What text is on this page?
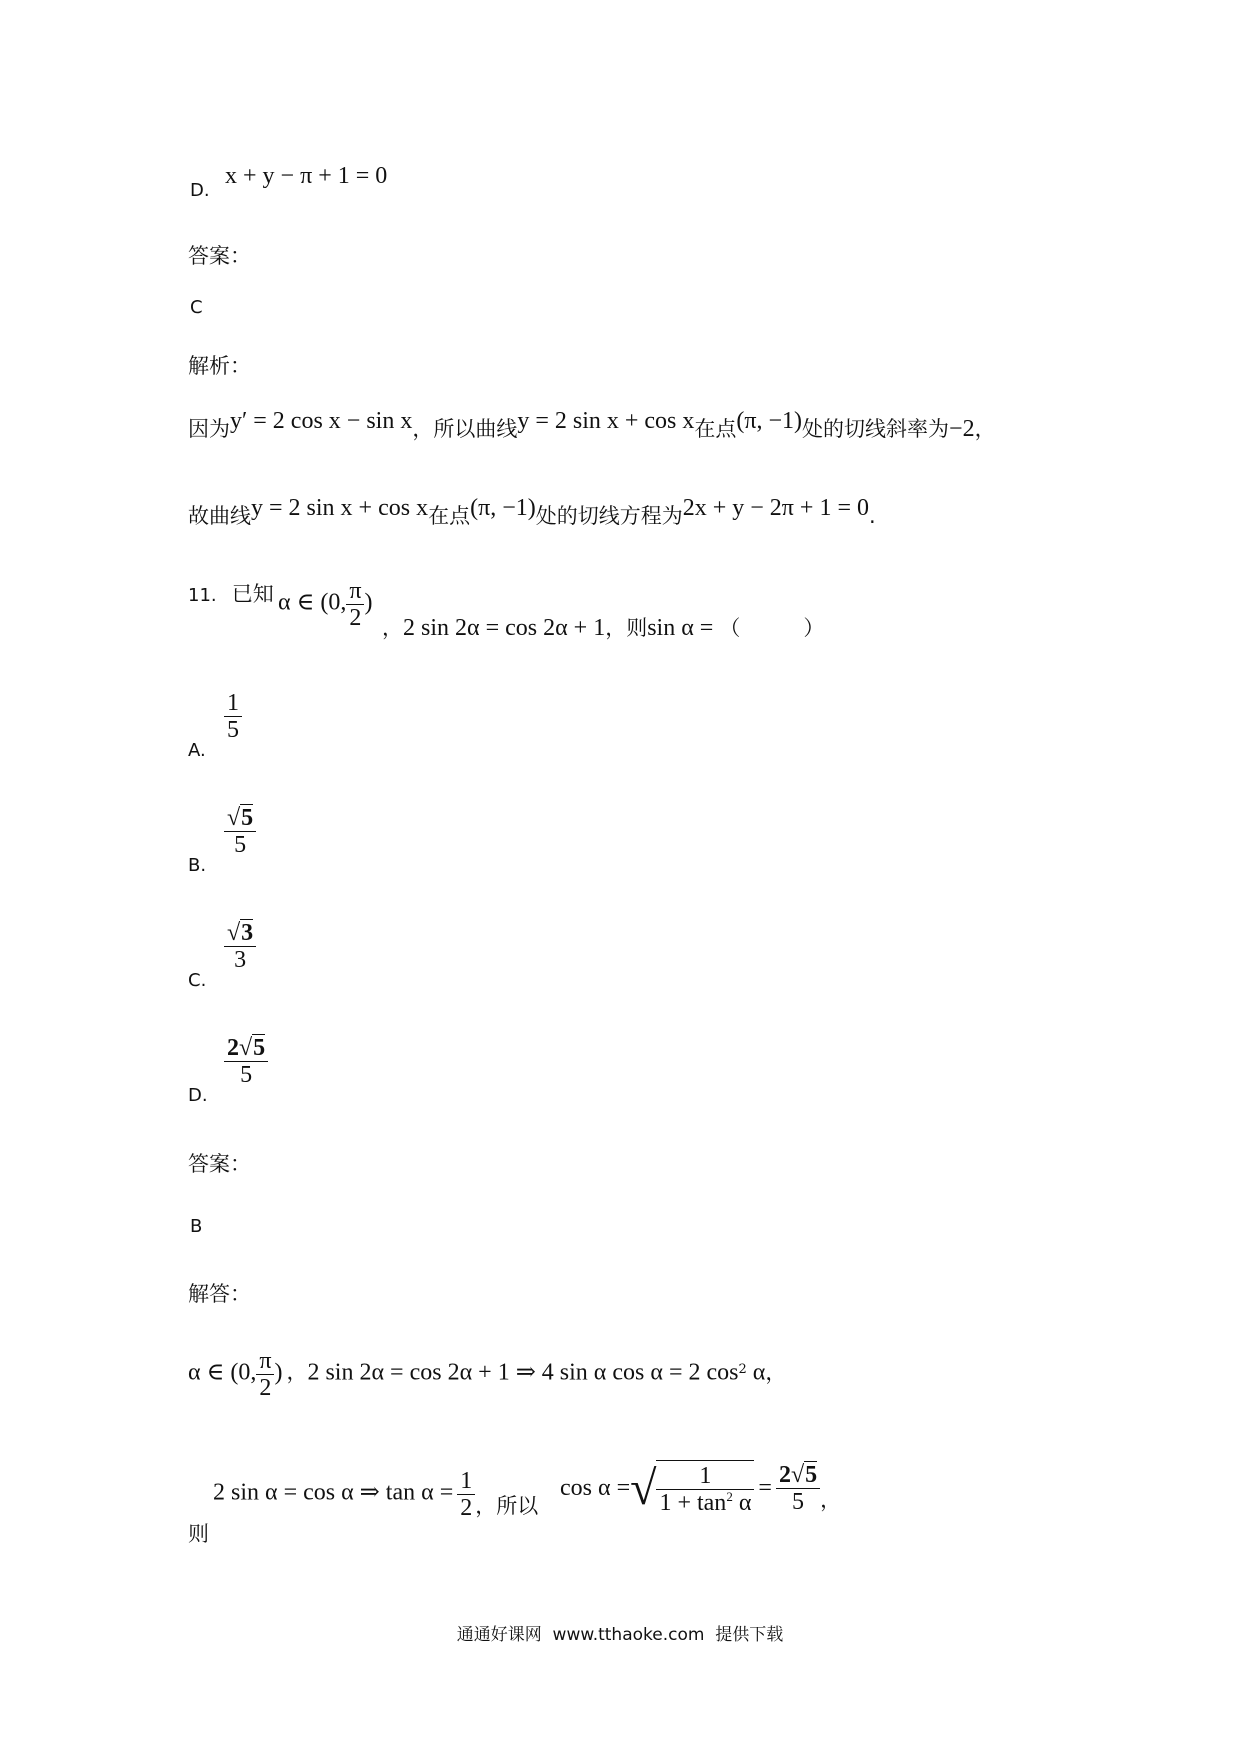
D.
x + y − π + 1 = 0
答案：
C
解析：
因为y′ = 2 cos x − sin x，所以曲线y = 2 sin x + cos x在点(π, −1)处的切线斜率为−2，
故曲线y = 2 sin x + cos x在点(π, −1)处的切线方程为2x + y − 2π + 1 = 0.
11. 已知 α ∈ (0, $\frac{\pi}{2}$ )
，2 sin 2α = cos 2α + 1，则sin α = （　　　）
A.
1
5
B.
√5
5
C.
√3
3
D.
2√5
5
答案：
B
解答：
α ∈ (0, $\frac{\pi}{2}$ ) ，2 sin 2α = cos 2α + 1 ⇒ 4 sin α cos α = 2 $\cos^2 \alpha$，
则
2 sin α = cos α ⇒ $\tan \alpha = \frac{1}{2}$ ，所以
cos α =√ $\frac{1}{1 + \tan^2 \alpha} = \frac{2√5}{5}$ ，
通通好课网  www.tthaoke.com  提供下载
